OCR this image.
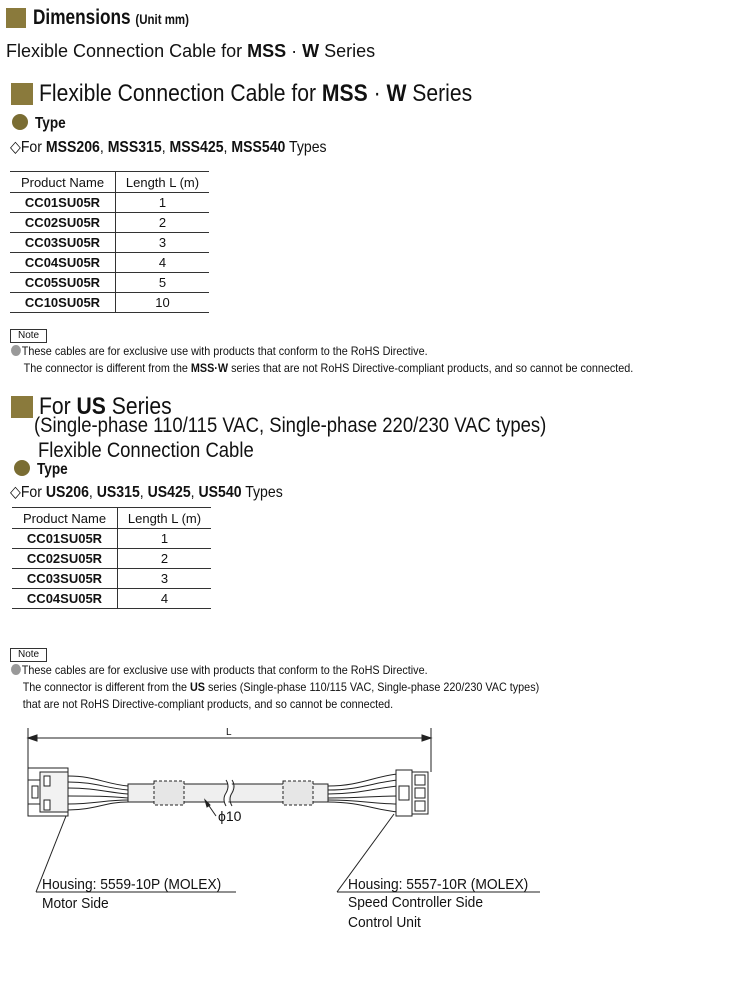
Dimensions (Unit mm)
Flexible Connection Cable for MSS · W Series
Flexible Connection Cable for MSS · W Series
Type
◇For MSS206, MSS315, MSS425, MSS540 Types
Product Name	Length L (m)
CC01SU05R	1
CC02SU05R	2
CC03SU05R	3
CC04SU05R	4
CC05SU05R	5
CC10SU05R	10
Note
These cables are for exclusive use with products that conform to the RoHS Directive.
The connector is different from the MSS·W series that are not RoHS Directive-compliant products, and so cannot be connected.
For US Series
(Single-phase 110/115 VAC, Single-phase 220/230 VAC types)
Flexible Connection Cable
Type
◇For US206, US315, US425, US540 Types
Product Name	Length L (m)
CC01SU05R	1
CC02SU05R	2
CC03SU05R	3
CC04SU05R	4
Note
These cables are for exclusive use with products that conform to the RoHS Directive.
The connector is different from the US series (Single-phase 110/115 VAC, Single-phase 220/230 VAC types)
that are not RoHS Directive-compliant products, and so cannot be connected.
L
ϕ10
Housing: 5559-10P (MOLEX)
Motor Side
Housing: 5557-10R (MOLEX)
Speed Controller Side
Control Unit
